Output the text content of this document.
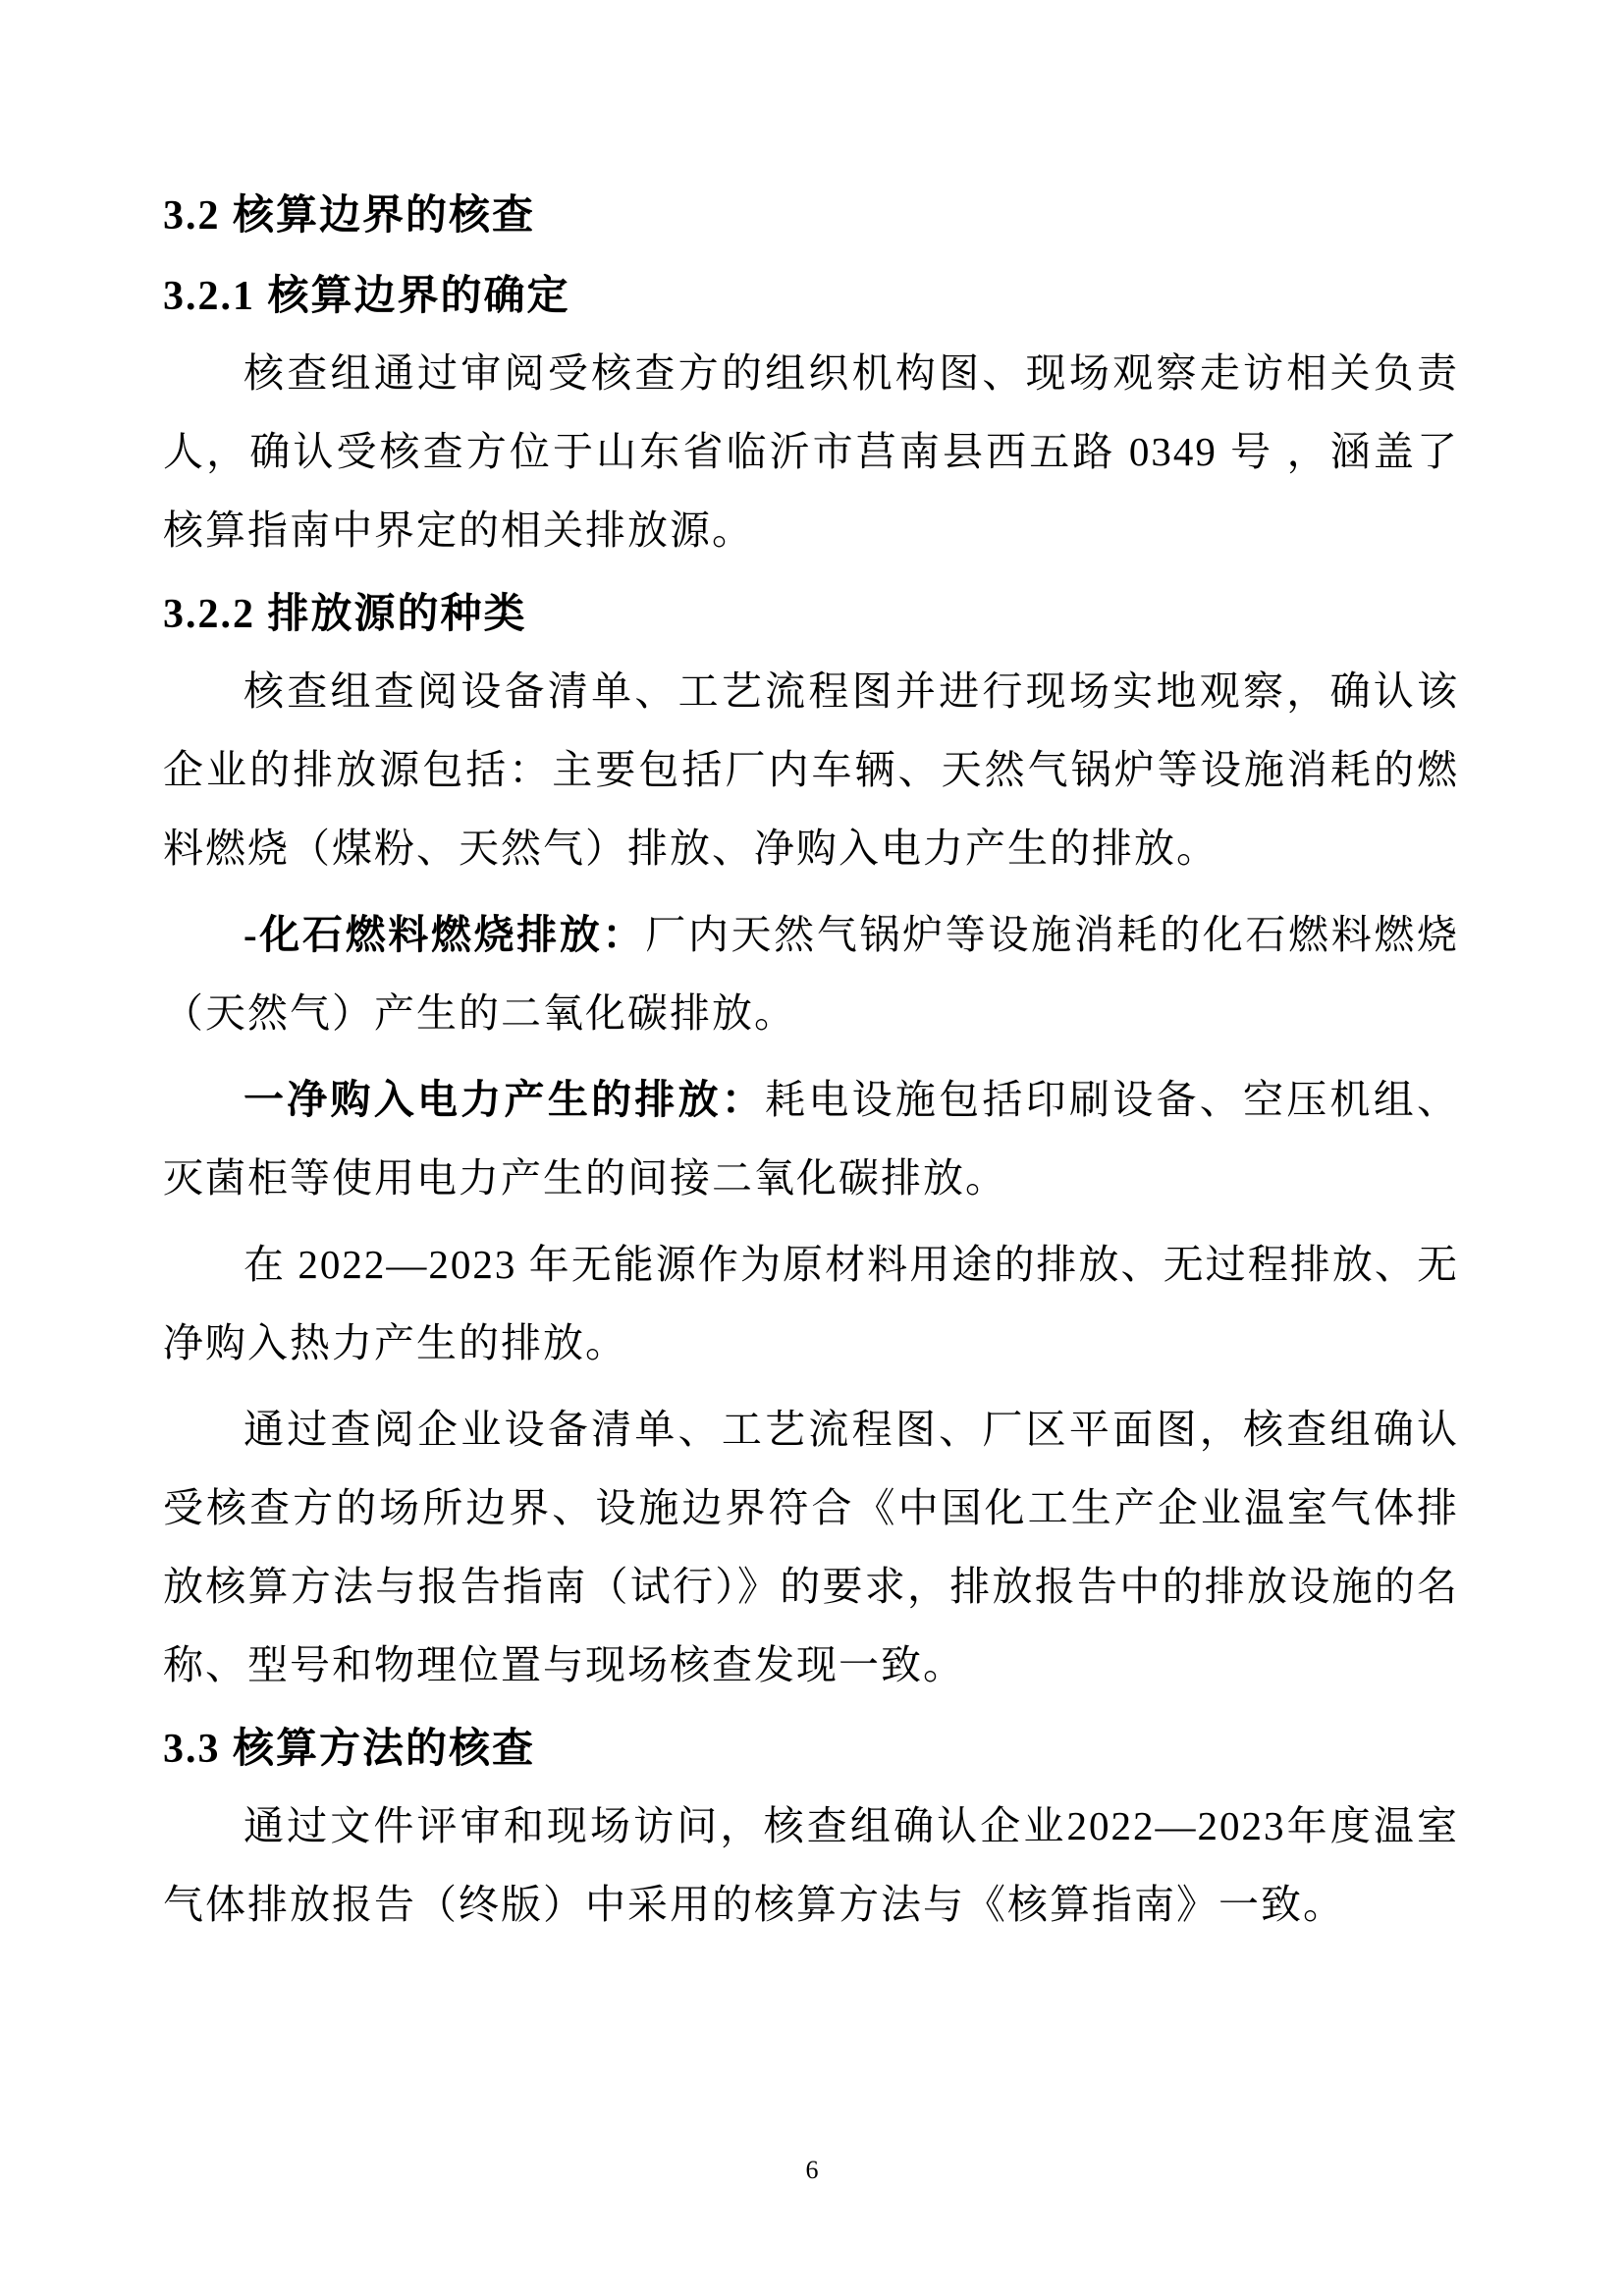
3.2 核算边界的核查
3.2.1 核算边界的确定

核查组通过审阅受核查方的组织机构图、现场观察走访相关负责人，确认受核查方位于山东省临沂市莒南县西五路 0349 号 ，涵盖了核算指南中界定的相关排放源。

3.2.2 排放源的种类

核查组查阅设备清单、工艺流程图并进行现场实地观察，确认该企业的排放源包括：主要包括厂内车辆、天然气锅炉等设施消耗的燃料燃烧（煤粉、天然气）排放、净购入电力产生的排放。

-化石燃料燃烧排放：厂内天然气锅炉等设施消耗的化石燃料燃烧（天然气）产生的二氧化碳排放。

一净购入电力产生的排放：耗电设施包括印刷设备、空压机组、灭菌柜等使用电力产生的间接二氧化碳排放。

在 2022—2023 年无能源作为原材料用途的排放、无过程排放、无净购入热力产生的排放。

通过查阅企业设备清单、工艺流程图、厂区平面图，核查组确认受核查方的场所边界、设施边界符合《中国化工生产企业温室气体排放核算方法与报告指南（试行）》的要求，排放报告中的排放设施的名称、型号和物理位置与现场核查发现一致。

3.3 核算方法的核查

通过文件评审和现场访问，核查组确认企业2022—2023年度温室气体排放报告（终版）中采用的核算方法与《核算指南》一致。

6
